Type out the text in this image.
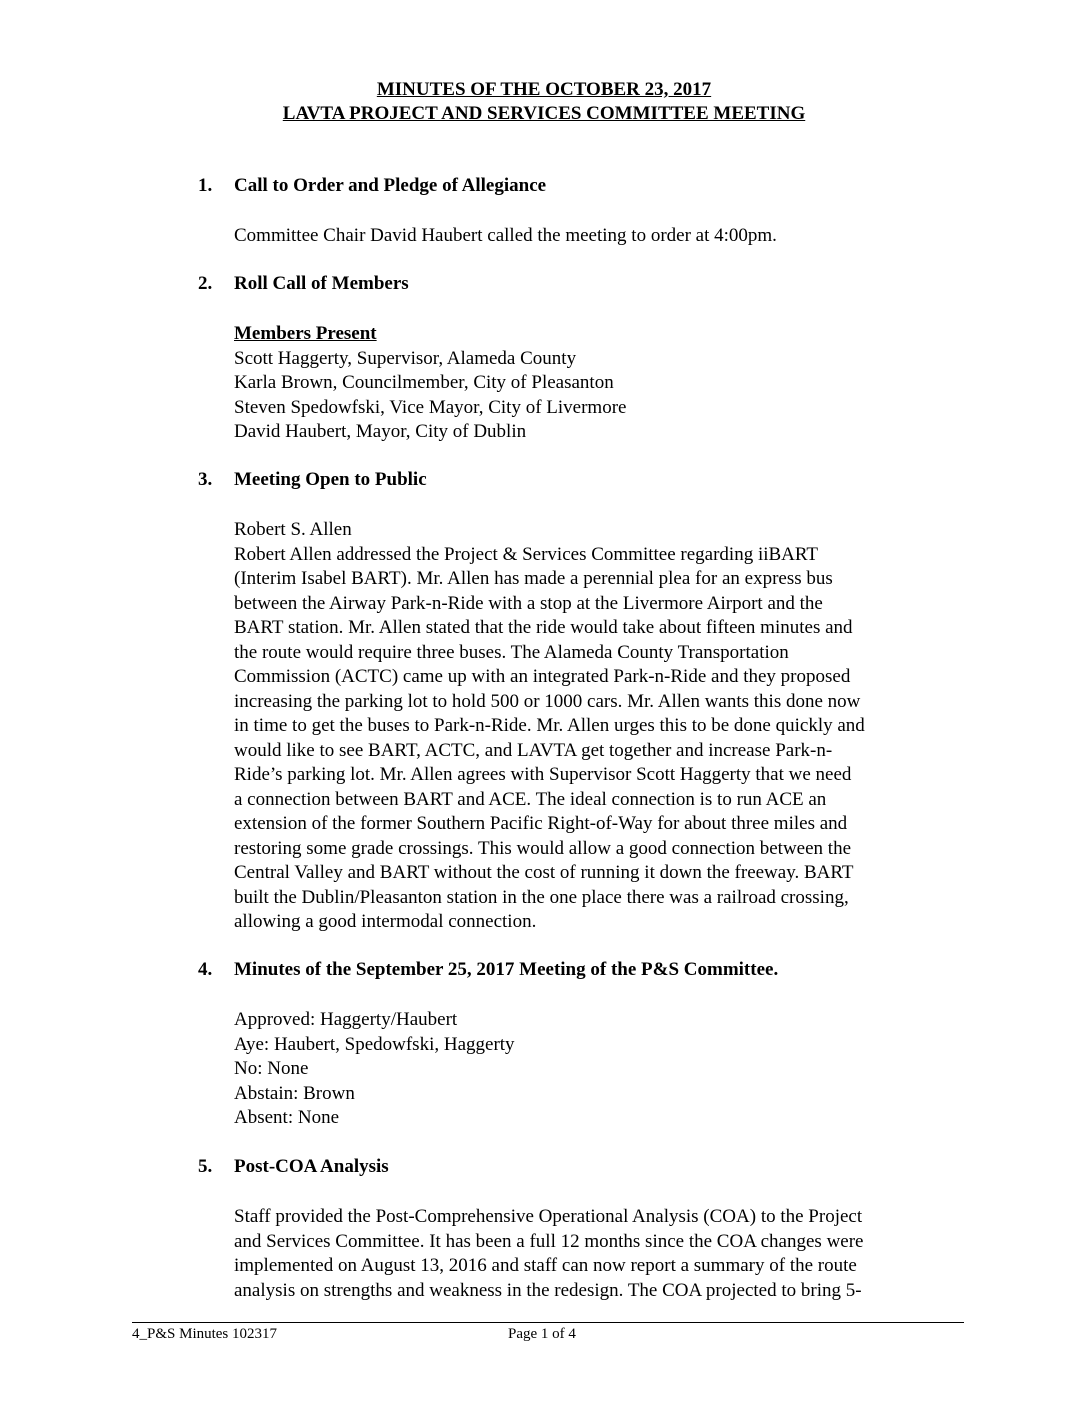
MINUTES OF THE OCTOBER 23, 2017
LAVTA PROJECT AND SERVICES COMMITTEE MEETING
1. Call to Order and Pledge of Allegiance
Committee Chair David Haubert called the meeting to order at 4:00pm.
2. Roll Call of Members
Members Present
Scott Haggerty, Supervisor, Alameda County
Karla Brown, Councilmember, City of Pleasanton
Steven Spedowfski, Vice Mayor, City of Livermore
David Haubert, Mayor, City of Dublin
3. Meeting Open to Public
Robert S. Allen
Robert Allen addressed the Project & Services Committee regarding iiBART
(Interim Isabel BART). Mr. Allen has made a perennial plea for an express bus
between the Airway Park-n-Ride with a stop at the Livermore Airport and the
BART station. Mr. Allen stated that the ride would take about fifteen minutes and
the route would require three buses. The Alameda County Transportation
Commission (ACTC) came up with an integrated Park-n-Ride and they proposed
increasing the parking lot to hold 500 or 1000 cars. Mr. Allen wants this done now
in time to get the buses to Park-n-Ride. Mr. Allen urges this to be done quickly and
would like to see BART, ACTC, and LAVTA get together and increase Park-n-
Ride’s parking lot. Mr. Allen agrees with Supervisor Scott Haggerty that we need
a connection between BART and ACE. The ideal connection is to run ACE an
extension of the former Southern Pacific Right-of-Way for about three miles and
restoring some grade crossings. This would allow a good connection between the
Central Valley and BART without the cost of running it down the freeway. BART
built the Dublin/Pleasanton station in the one place there was a railroad crossing,
allowing a good intermodal connection.
4. Minutes of the September 25, 2017 Meeting of the P&S Committee.
Approved: Haggerty/Haubert
Aye: Haubert, Spedowfski, Haggerty
No: None
Abstain: Brown
Absent: None
5. Post-COA Analysis
Staff provided the Post-Comprehensive Operational Analysis (COA) to the Project
and Services Committee. It has been a full 12 months since the COA changes were
implemented on August 13, 2016 and staff can now report a summary of the route
analysis on strengths and weakness in the redesign. The COA projected to bring 5-
4_P&S Minutes 102317	Page 1 of 4
